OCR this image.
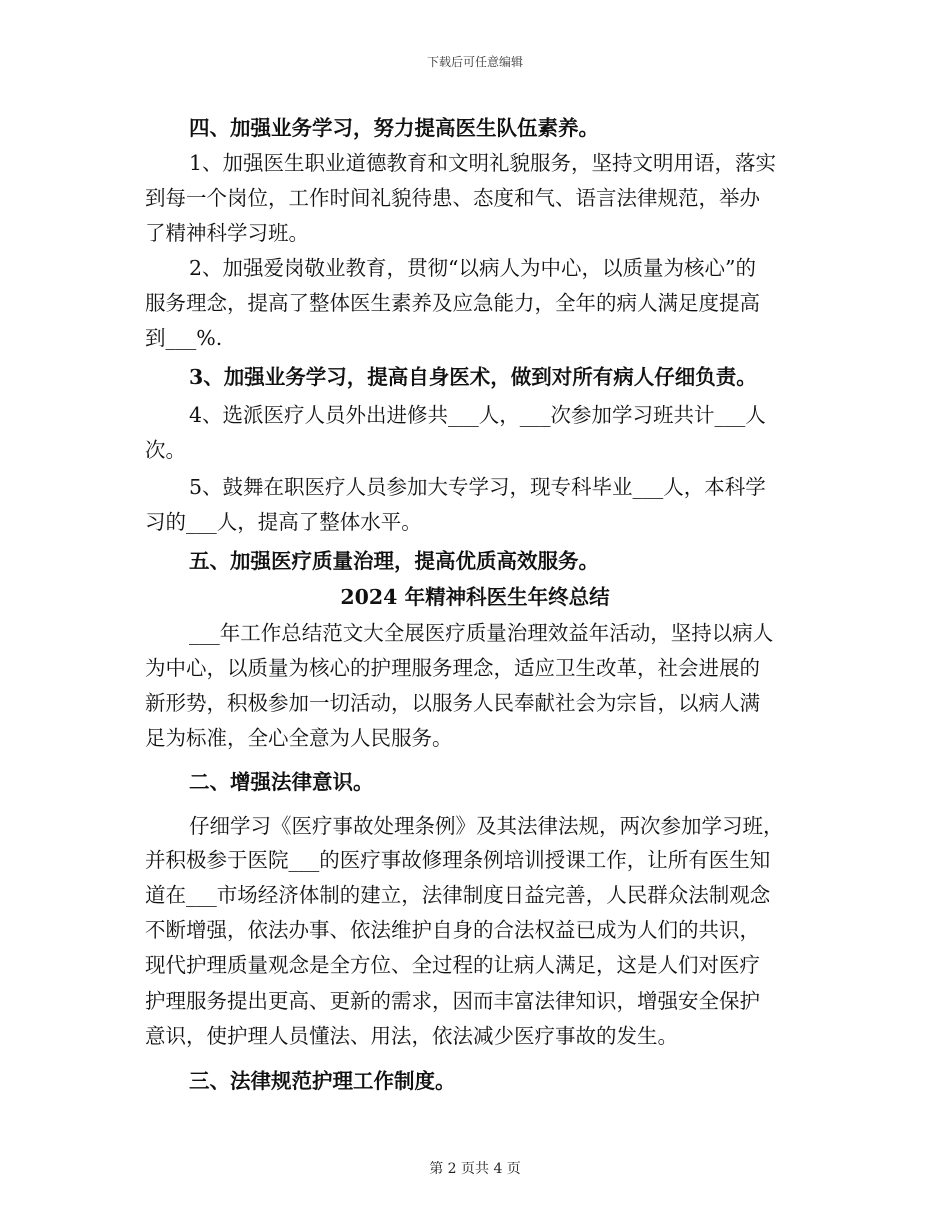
下载后可任意编辑
四、加强业务学习，努力提高医生队伍素养。
1、加强医生职业道德教育和文明礼貌服务，坚持文明用语，落实
到每一个岗位，工作时间礼貌待患、态度和气、语言法律规范，举办
了精神科学习班。
2、加强爱岗敬业教育，贯彻“以病人为中心，以质量为核心”的
服务理念，提高了整体医生素养及应急能力，全年的病人满足度提高
到___%.
3、加强业务学习，提高自身医术，做到对所有病人仔细负责。
4、选派医疗人员外出进修共___人，___次参加学习班共计___人
次。
5、鼓舞在职医疗人员参加大专学习，现专科毕业___人，本科学
习的___人，提高了整体水平。
五、加强医疗质量治理，提高优质高效服务。
2024 年精神科医生年终总结
___年工作总结范文大全展医疗质量治理效益年活动，坚持以病人
为中心，以质量为核心的护理服务理念，适应卫生改革，社会进展的
新形势，积极参加一切活动，以服务人民奉献社会为宗旨，以病人满
足为标准，全心全意为人民服务。
二、增强法律意识。
仔细学习《医疗事故处理条例》及其法律法规，两次参加学习班，
并积极参于医院___的医疗事故修理条例培训授课工作，让所有医生知
道在___市场经济体制的建立，法律制度日益完善，人民群众法制观念
不断增强，依法办事、依法维护自身的合法权益已成为人们的共识，
现代护理质量观念是全方位、全过程的让病人满足，这是人们对医疗
护理服务提出更高、更新的需求，因而丰富法律知识，增强安全保护
意识，使护理人员懂法、用法，依法减少医疗事故的发生。
三、法律规范护理工作制度。
第 2 页共 4 页
